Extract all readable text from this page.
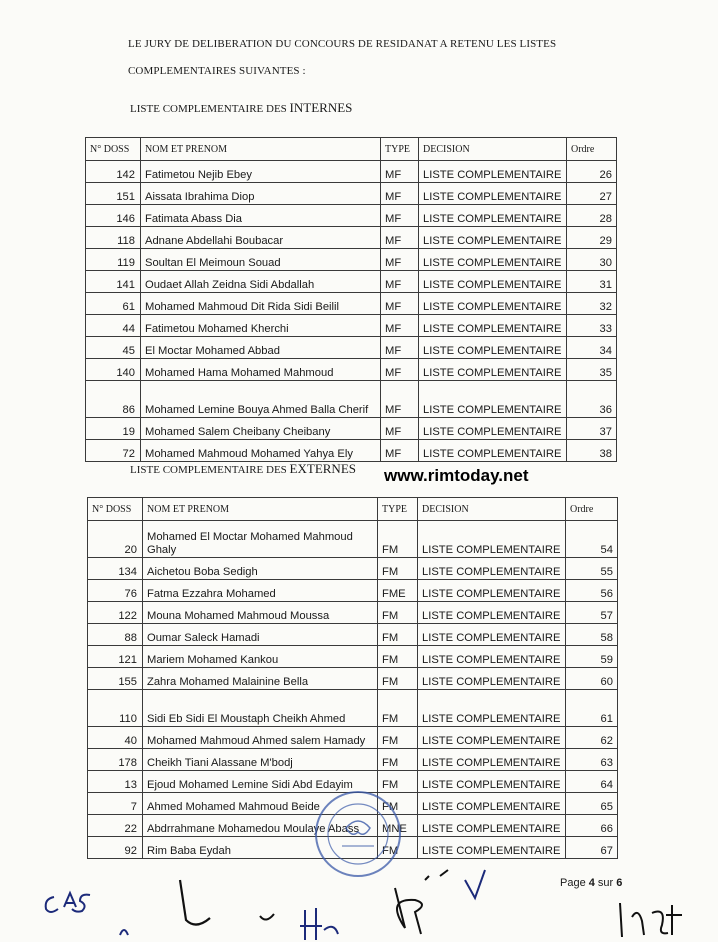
LE JURY DE DELIBERATION DU CONCOURS DE RESIDANAT A RETENU LES LISTES
COMPLEMENTAIRES SUIVANTES :
LISTE COMPLEMENTAIRE DES INTERNES
N° DOSS	NOM ET PRENOM	TYPE	DECISION	Ordre
142	Fatimetou Nejib Ebey	MF	LISTE COMPLEMENTAIRE	26
151	Aissata Ibrahima Diop	MF	LISTE COMPLEMENTAIRE	27
146	Fatimata Abass Dia	MF	LISTE COMPLEMENTAIRE	28
118	Adnane Abdellahi Boubacar	MF	LISTE COMPLEMENTAIRE	29
119	Soultan El Meimoun Souad	MF	LISTE COMPLEMENTAIRE	30
141	Oudaet Allah Zeidna Sidi Abdallah	MF	LISTE COMPLEMENTAIRE	31
61	Mohamed Mahmoud Dit Rida Sidi Beilil	MF	LISTE COMPLEMENTAIRE	32
44	Fatimetou Mohamed Kherchi	MF	LISTE COMPLEMENTAIRE	33
45	El Moctar Mohamed Abbad	MF	LISTE COMPLEMENTAIRE	34
140	Mohamed Hama Mohamed Mahmoud	MF	LISTE COMPLEMENTAIRE	35
86	Mohamed Lemine Bouya Ahmed Balla Cherif	MF	LISTE COMPLEMENTAIRE	36
19	Mohamed Salem Cheibany Cheibany	MF	LISTE COMPLEMENTAIRE	37
72	Mohamed Mahmoud Mohamed Yahya Ely	MF	LISTE COMPLEMENTAIRE	38
www.rimtoday.net
LISTE COMPLEMENTAIRE DES EXTERNES
N° DOSS	NOM ET PRENOM	TYPE	DECISION	Ordre
20	Mohamed El Moctar Mohamed Mahmoud Ghaly	FM	LISTE COMPLEMENTAIRE	54
134	Aichetou Boba Sedigh	FM	LISTE COMPLEMENTAIRE	55
76	Fatma Ezzahra Mohamed	FME	LISTE COMPLEMENTAIRE	56
122	Mouna Mohamed Mahmoud Moussa	FM	LISTE COMPLEMENTAIRE	57
88	Oumar Saleck Hamadi	FM	LISTE COMPLEMENTAIRE	58
121	Mariem Mohamed Kankou	FM	LISTE COMPLEMENTAIRE	59
155	Zahra Mohamed Malainine Bella	FM	LISTE COMPLEMENTAIRE	60
110	Sidi Eb Sidi El Moustaph Cheikh Ahmed	FM	LISTE COMPLEMENTAIRE	61
40	Mohamed Mahmoud Ahmed salem Hamady	FM	LISTE COMPLEMENTAIRE	62
178	Cheikh Tiani Alassane M'bodj	FM	LISTE COMPLEMENTAIRE	63
13	Ejoud Mohamed Lemine Sidi Abd Edayim	FM	LISTE COMPLEMENTAIRE	64
7	Ahmed Mohamed Mahmoud Beide	FM	LISTE COMPLEMENTAIRE	65
22	Abdrrahmane Mohamedou Moulaye Abass	MNE	LISTE COMPLEMENTAIRE	66
92	Rim Baba Eydah	FM	LISTE COMPLEMENTAIRE	67
Page 4 sur 6
